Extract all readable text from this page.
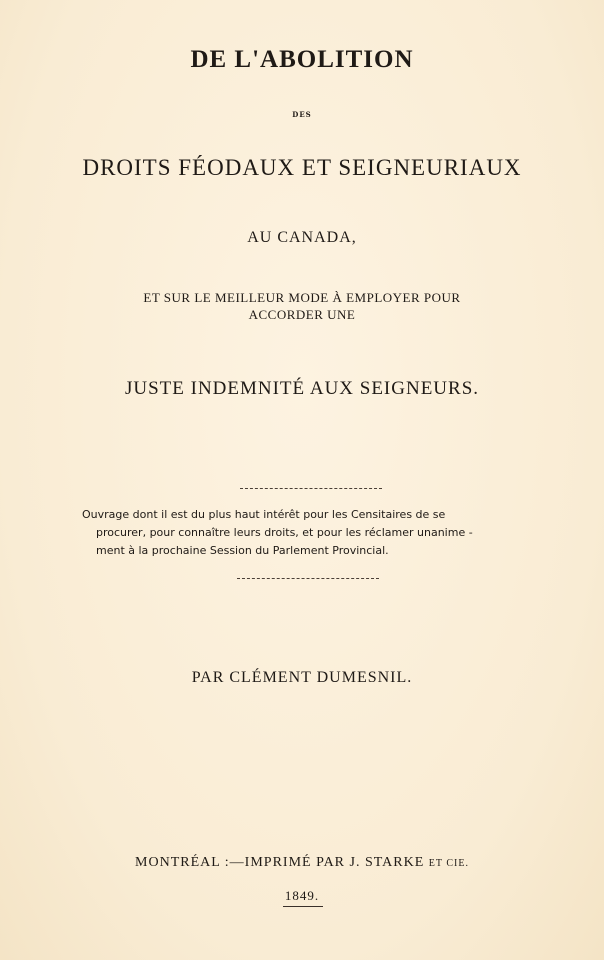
DE L'ABOLITION
DES
DROITS FÉODAUX ET SEIGNEURIAUX
AU CANADA,
ET SUR LE MEILLEUR MODE À EMPLOYER POUR
ACCORDER UNE
JUSTE INDEMNITÉ AUX SEIGNEURS.
Ouvrage dont il est du plus haut intérêt pour les Censitaires de se
procurer, pour connaître leurs droits, et pour les réclamer unanime -
ment à la prochaine Session du Parlement Provincial.
PAR CLÉMENT DUMESNIL.
MONTRÉAL :—IMPRIMÉ PAR J. STARKE ET CIE.
1849.
